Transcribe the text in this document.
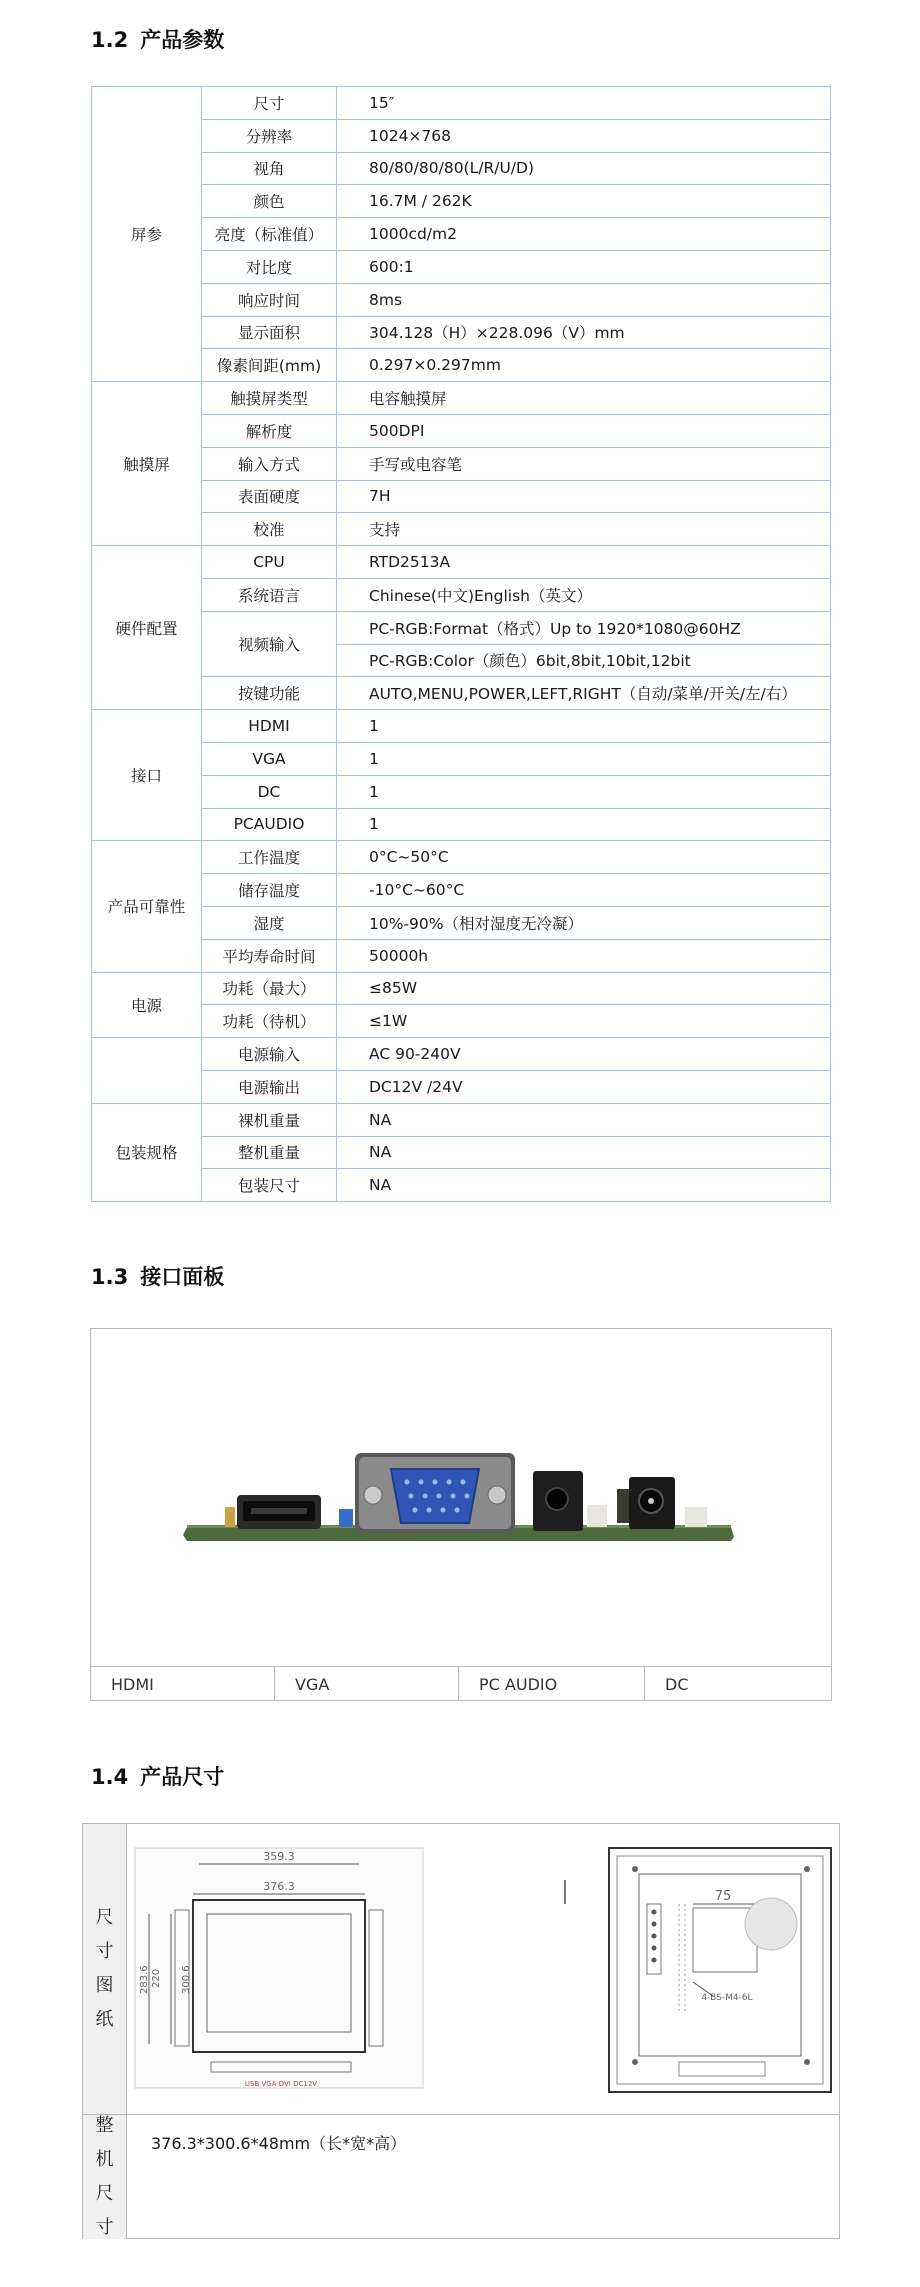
1.2 产品参数
屏参	尺寸	15″
	分辨率	1024×768
	视角	80/80/80/80(L/R/U/D)
	颜色	16.7M / 262K
	亮度（标准值）	1000cd/m2
	对比度	600:1
	响应时间	8ms
	显示面积	304.128（H）×228.096（V）mm
	像素间距(mm)	0.297×0.297mm
触摸屏	触摸屏类型	电容触摸屏
	解析度	500DPI
	输入方式	手写或电容笔
	表面硬度	7H
	校准	支持
硬件配置	CPU	RTD2513A
	系统语言	Chinese(中文)English（英文）
	视频输入	PC-RGB:Format（格式）Up to 1920*1080@60HZ
		PC-RGB:Color（颜色）6bit,8bit,10bit,12bit
	按键功能	AUTO,MENU,POWER,LEFT,RIGHT（自动/菜单/开关/左/右）
接口	HDMI	1
	VGA	1
	DC	1
	PCAUDIO	1
产品可靠性	工作温度	0°C~50°C
	储存温度	-10°C~60°C
	湿度	10%-90%（相对湿度无冷凝）
	平均寿命时间	50000h
电源	功耗（最大）	≤85W
	功耗（待机）	≤1W
	电源输入	AC 90-240V
	电源输出	DC12V /24V
包装规格	裸机重量	NA
	整机重量	NA
	包装尺寸	NA
1.3 接口面板
HDMI	VGA	PC AUDIO	DC
1.4 产品尺寸
尺
寸
图
纸
359.3
376.3
283.6 220 300.6
USB VGA DVI DC12V
75
4-BS-M4-6L
整
机
尺
寸
376.3*300.6*48mm（长*宽*高）
